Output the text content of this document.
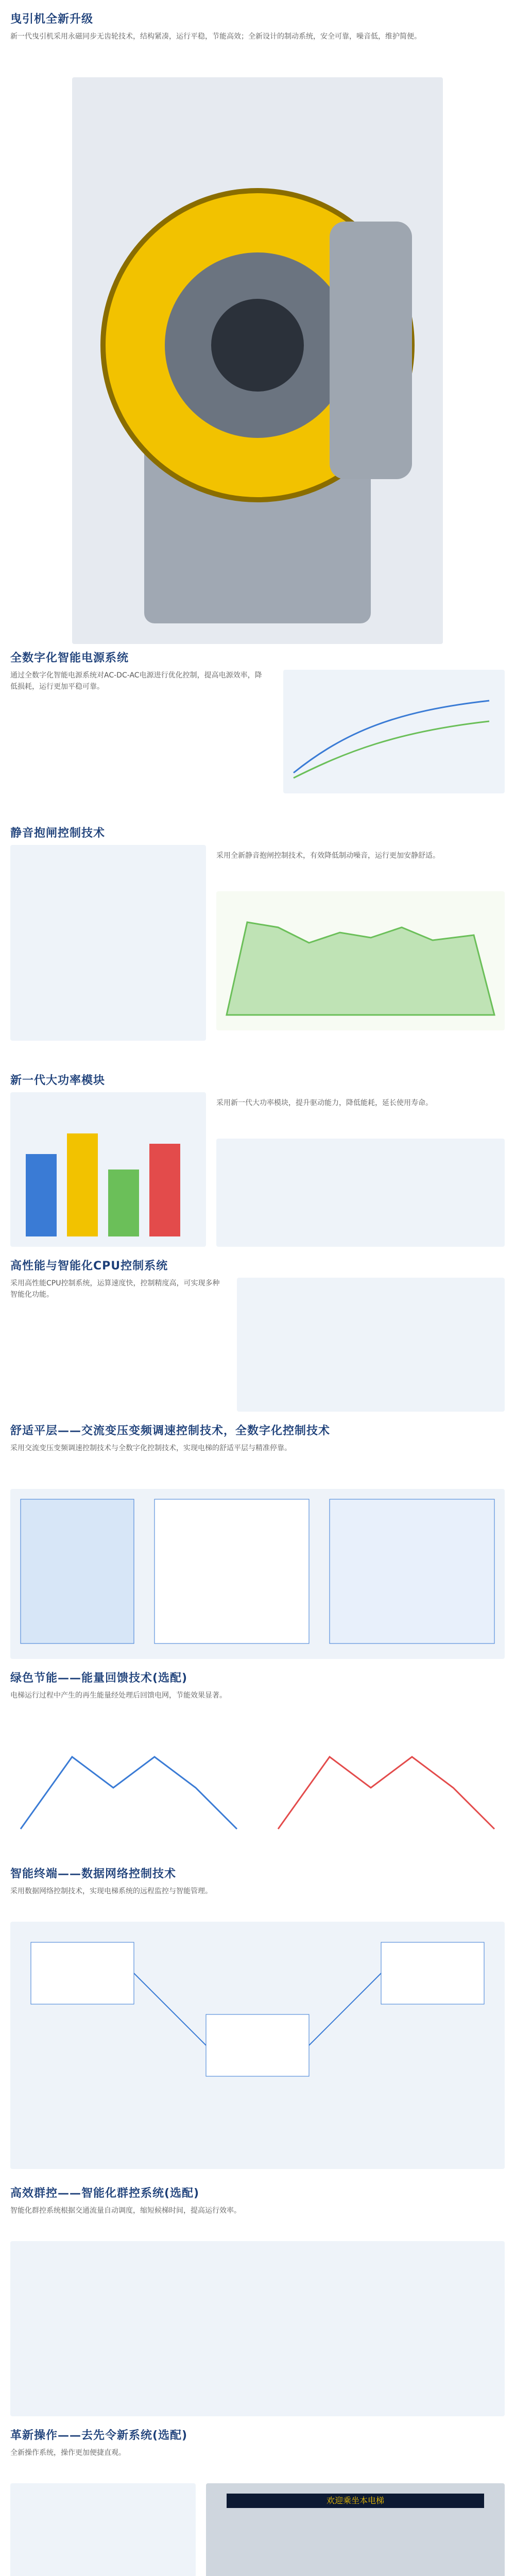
曳引机全新升级
新一代曳引机采用永磁同步无齿轮技术，结构紧凑，运行平稳，节能高效；全新设计的制动系统，安全可靠，噪音低，维护简便。
全数字化智能电源系统
通过全数字化智能电源系统对AC-DC-AC电源进行优化控制，提高电源效率，降低损耗，运行更加平稳可靠。
静音抱闸控制技术
采用全新静音抱闸控制技术，有效降低制动噪音，运行更加安静舒适。
新一代大功率模块
采用新一代大功率模块，提升驱动能力，降低能耗，延长使用寿命。
高性能与智能化CPU控制系统
采用高性能CPU控制系统，运算速度快，控制精度高，可实现多种智能化功能。
舒适平层——交流变压变频调速控制技术，全数字化控制技术
采用交流变压变频调速控制技术与全数字化控制技术，实现电梯的舒适平层与精准停靠。
绿色节能——能量回馈技术(选配)
电梯运行过程中产生的再生能量经处理后回馈电网，节能效果显著。
智能终端——数据网络控制技术
采用数据网络控制技术，实现电梯系统的远程监控与智能管理。
高效群控——智能化群控系统(选配)
智能化群控系统根据交通流量自动调度，缩短候梯时间，提高运行效率。
革新操作——去先令新系统(选配)
全新操作系统，操作更加便捷直观。
欢迎乘坐本电梯
